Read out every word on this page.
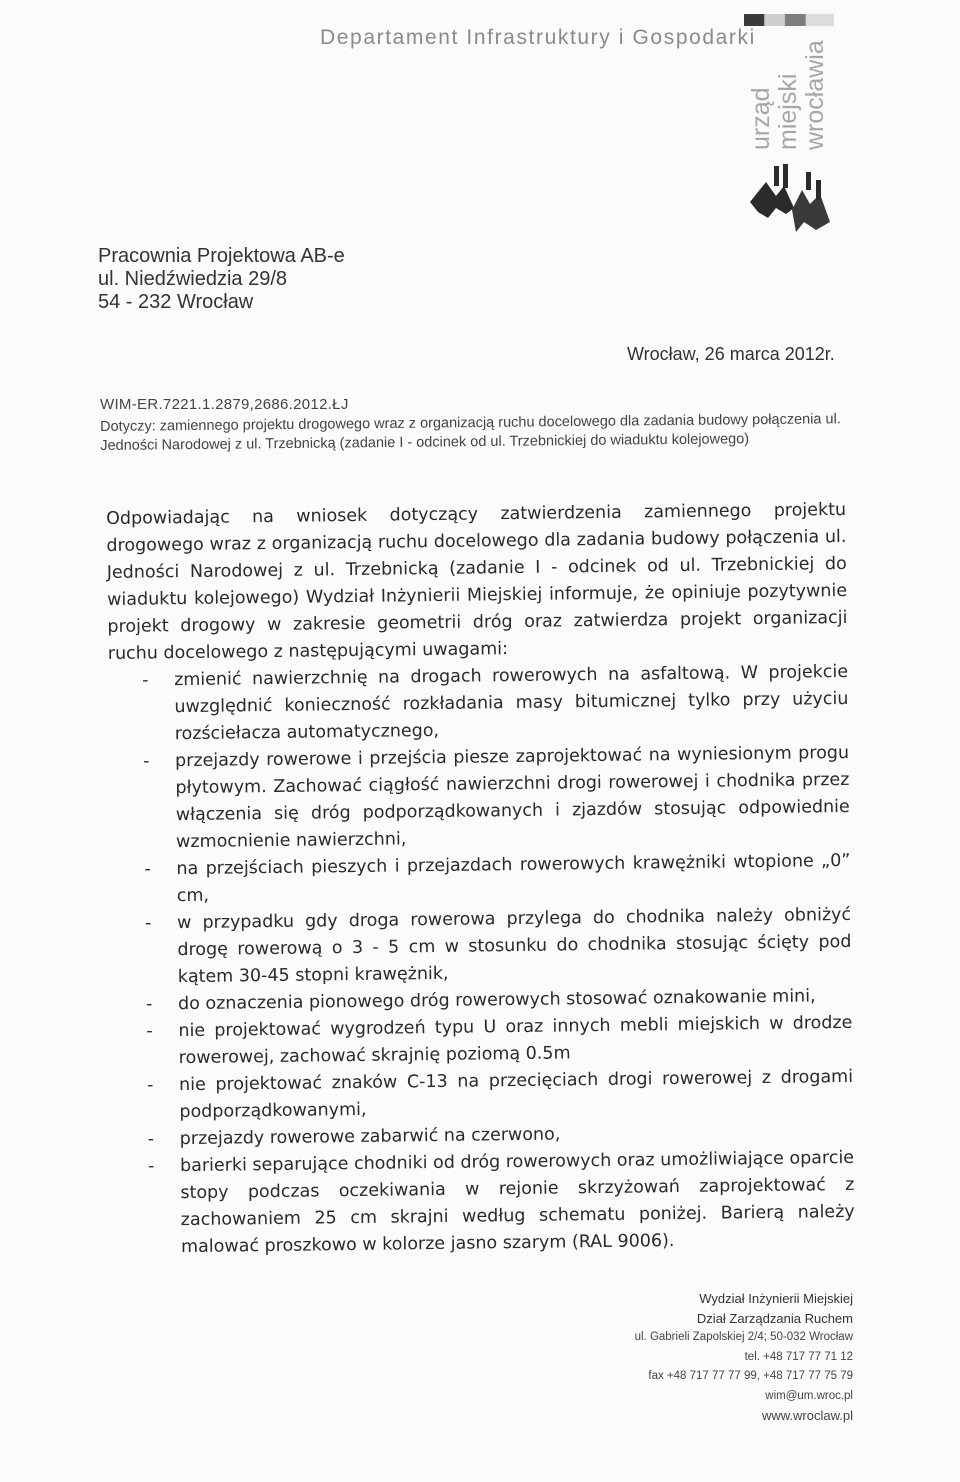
Departament Infrastruktury i Gospodarki
urząd miejski wrocławia
Pracownia Projektowa AB-e
ul. Niedźwiedzia 29/8
54 - 232 Wrocław
Wrocław, 26 marca 2012r.
WIM-ER.7221.1.2879,2686.2012.ŁJ
Dotyczy: zamiennego projektu drogowego wraz z organizacją ruchu docelowego dla zadania budowy połączenia ul. Jedności Narodowej z ul. Trzebnicką (zadanie I - odcinek od ul. Trzebnickiej do wiaduktu kolejowego)

Odpowiadając na wniosek dotyczący zatwierdzenia zamiennego projektu drogowego wraz z organizacją ruchu docelowego dla zadania budowy połączenia ul. Jedności Narodowej z ul. Trzebnicką (zadanie I - odcinek od ul. Trzebnickiej do wiaduktu kolejowego) Wydział Inżynierii Miejskiej informuje, że opiniuje pozytywnie projekt drogowy w zakresie geometrii dróg oraz zatwierdza projekt organizacji ruchu docelowego z następującymi uwagami:

- zmienić nawierzchnię na drogach rowerowych na asfaltową. W projekcie uwzględnić konieczność rozkładania masy bitumicznej tylko przy użyciu rozściełacza automatycznego,
- przejazdy rowerowe i przejścia piesze zaprojektować na wyniesionym progu płytowym. Zachować ciągłość nawierzchni drogi rowerowej i chodnika przez włączenia się dróg podporządkowanych i zjazdów stosując odpowiednie wzmocnienie nawierzchni,
- na przejściach pieszych i przejazdach rowerowych krawężniki wtopione „0” cm,
- w przypadku gdy droga rowerowa przylega do chodnika należy obniżyć drogę rowerową o 3 - 5 cm w stosunku do chodnika stosując ścięty pod kątem 30-45 stopni krawężnik,
- do oznaczenia pionowego dróg rowerowych stosować oznakowanie mini,
- nie projektować wygrodzeń typu U oraz innych mebli miejskich w drodze rowerowej, zachować skrajnię poziomą 0.5m
- nie projektować znaków C-13 na przecięciach drogi rowerowej z drogami podporządkowanymi,
- przejazdy rowerowe zabarwić na czerwono,
- barierki separujące chodniki od dróg rowerowych oraz umożliwiające oparcie stopy podczas oczekiwania w rejonie skrzyżowań zaprojektować z zachowaniem 25 cm skrajni według schematu poniżej. Barierą należy malować proszkowo w kolorze jasno szarym (RAL 9006).
Wydział Inżynierii Miejskiej
Dział Zarządzania Ruchem
ul. Gabrieli Zapolskiej 2/4; 50-032 Wrocław
tel. +48 717 77 71 12
fax +48 717 77 77 99, +48 717 77 75 79
wim@um.wroc.pl
www.wroclaw.pl
